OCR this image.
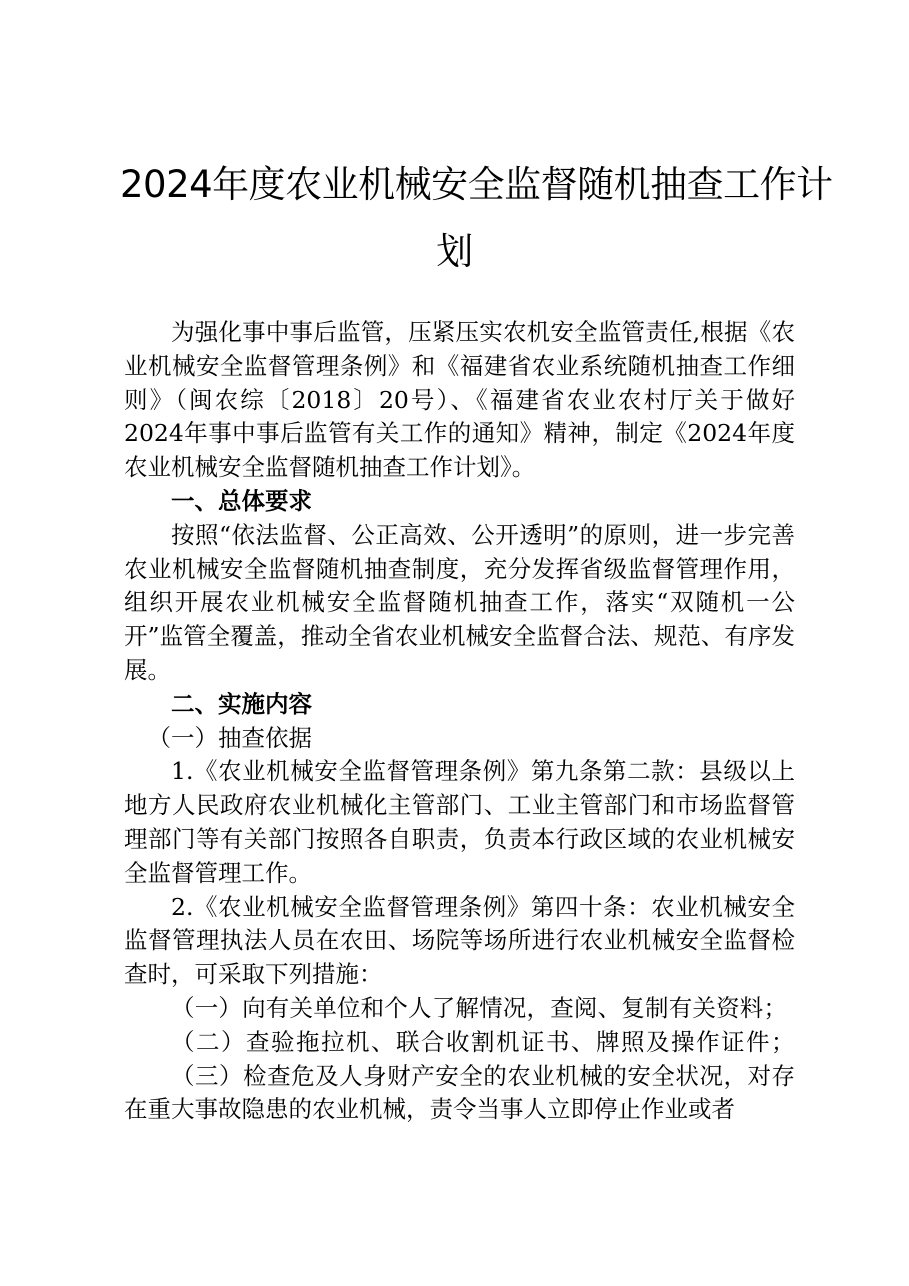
2024年度农业机械安全监督随机抽查工作计
划

为强化事中事后监管，压紧压实农机安全监管责任,根据《农业机械安全监督管理条例》和《福建省农业系统随机抽查工作细则》（闽农综〔2018〕20号）、《福建省农业农村厅关于做好2024年事中事后监管有关工作的通知》精神，制定《2024年度农业机械安全监督随机抽查工作计划》。

一、总体要求

按照“依法监督、公正高效、公开透明”的原则，进一步完善农业机械安全监督随机抽查制度，充分发挥省级监督管理作用，组织开展农业机械安全监督随机抽查工作，落实“双随机一公开”监管全覆盖，推动全省农业机械安全监督合法、规范、有序发展。

二、实施内容

（一）抽查依据

1.《农业机械安全监督管理条例》第九条第二款：县级以上地方人民政府农业机械化主管部门、工业主管部门和市场监督管理部门等有关部门按照各自职责，负责本行政区域的农业机械安全监督管理工作。

2.《农业机械安全监督管理条例》第四十条：农业机械安全监督管理执法人员在农田、场院等场所进行农业机械安全监督检查时，可采取下列措施：

（一）向有关单位和个人了解情况，查阅、复制有关资料；

（二）查验拖拉机、联合收割机证书、牌照及操作证件；

（三）检查危及人身财产安全的农业机械的安全状况，对存在重大事故隐患的农业机械，责令当事人立即停止作业或者
